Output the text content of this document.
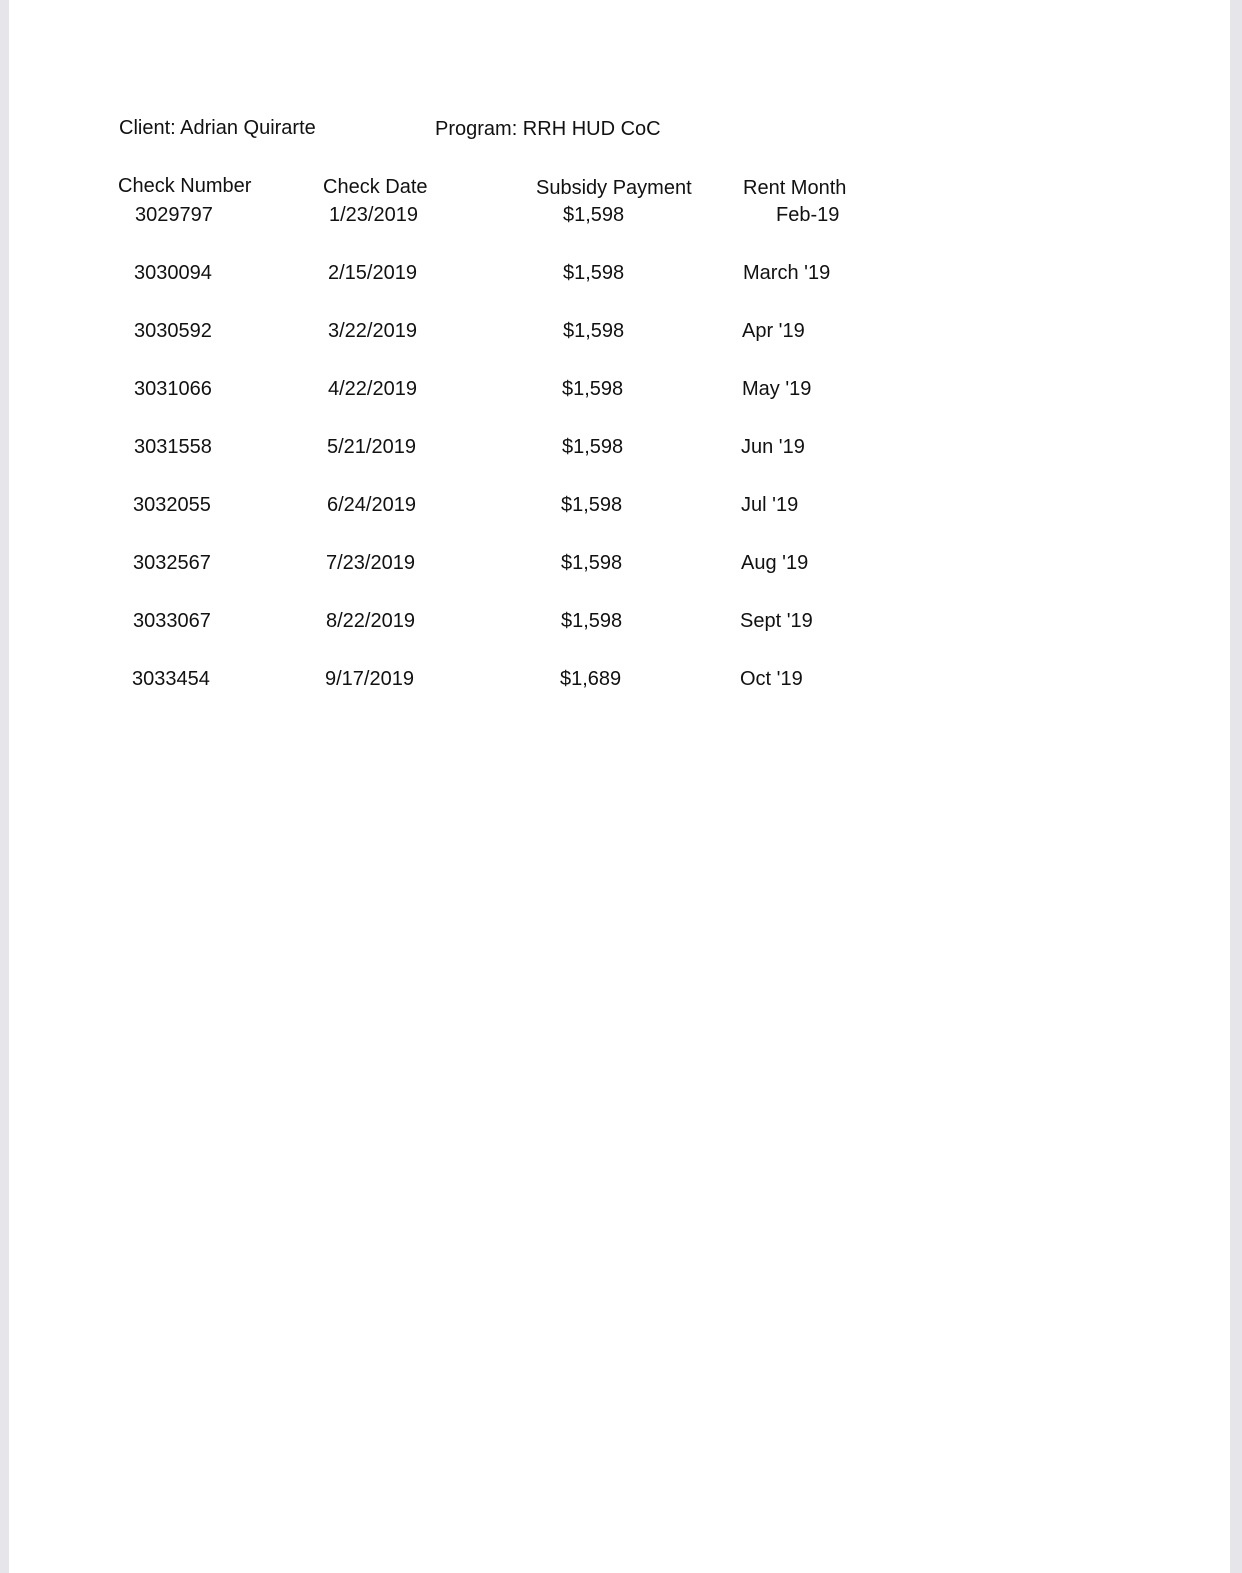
Client: Adrian Quirarte	Program: RRH HUD CoC
Check Number	Check Date	Subsidy Payment	Rent Month
3029797	1/23/2019	$1,598	Feb-19
3030094	2/15/2019	$1,598	March '19
3030592	3/22/2019	$1,598	Apr '19
3031066	4/22/2019	$1,598	May '19
3031558	5/21/2019	$1,598	Jun '19
3032055	6/24/2019	$1,598	Jul '19
3032567	7/23/2019	$1,598	Aug '19
3033067	8/22/2019	$1,598	Sept '19
3033454	9/17/2019	$1,689	Oct '19
